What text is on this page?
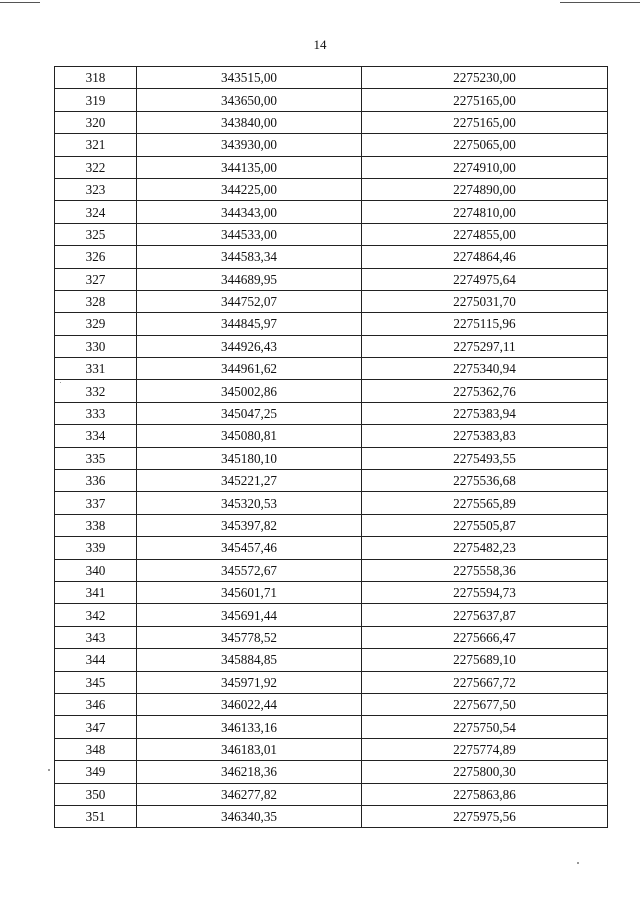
14
318	343515,00	2275230,00
319	343650,00	2275165,00
320	343840,00	2275165,00
321	343930,00	2275065,00
322	344135,00	2274910,00
323	344225,00	2274890,00
324	344343,00	2274810,00
325	344533,00	2274855,00
326	344583,34	2274864,46
327	344689,95	2274975,64
328	344752,07	2275031,70
329	344845,97	2275115,96
330	344926,43	2275297,11
331	344961,62	2275340,94
332	345002,86	2275362,76
333	345047,25	2275383,94
334	345080,81	2275383,83
335	345180,10	2275493,55
336	345221,27	2275536,68
337	345320,53	2275565,89
338	345397,82	2275505,87
339	345457,46	2275482,23
340	345572,67	2275558,36
341	345601,71	2275594,73
342	345691,44	2275637,87
343	345778,52	2275666,47
344	345884,85	2275689,10
345	345971,92	2275667,72
346	346022,44	2275677,50
347	346133,16	2275750,54
348	346183,01	2275774,89
349	346218,36	2275800,30
350	346277,82	2275863,86
351	346340,35	2275975,56
